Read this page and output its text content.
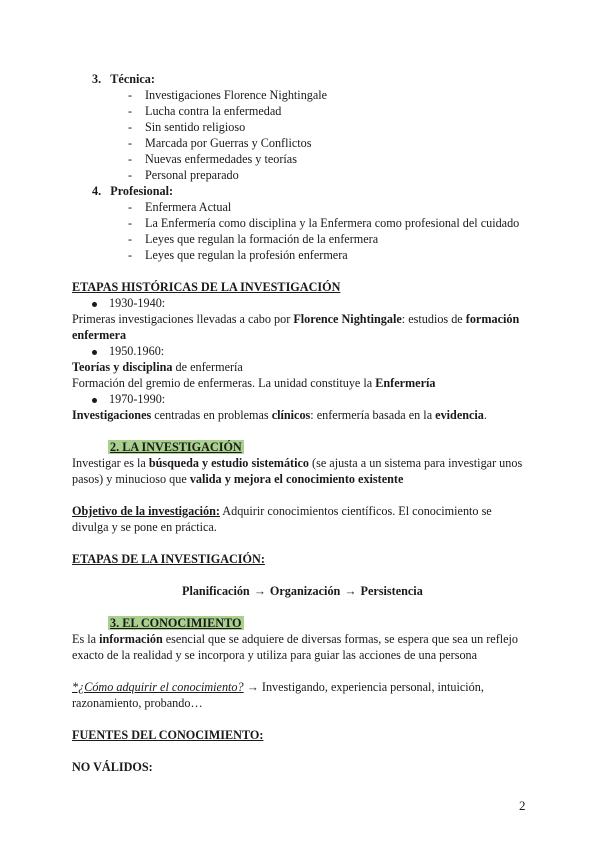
3. Técnica:
- Investigaciones Florence Nightingale
- Lucha contra la enfermedad
- Sin sentido religioso
- Marcada por Guerras y Conflictos
- Nuevas enfermedades y teorías
- Personal preparado
4. Profesional:
- Enfermera Actual
- La Enfermería como disciplina y la Enfermera como profesional del cuidado
- Leyes que regulan la formación de la enfermera
- Leyes que regulan la profesión enfermera
ETAPAS HISTÓRICAS DE LA INVESTIGACIÓN
1930-1940:
Primeras investigaciones llevadas a cabo por Florence Nightingale: estudios de formación
enfermera
1950.1960:
Teorías y disciplina de enfermería
Formación del gremio de enfermeras. La unidad constituye la Enfermería
1970-1990:
Investigaciones centradas en problemas clínicos: enfermería basada en la evidencia.
2. LA INVESTIGACIÓN
Investigar es la búsqueda y estudio sistemático (se ajusta a un sistema para investigar unos
pasos) y minucioso que valida y mejora el conocimiento existente
Objetivo de la investigación: Adquirir conocimientos científicos. El conocimiento se
divulga y se pone en práctica.
ETAPAS DE LA INVESTIGACIÓN:
Planificación → Organización → Persistencia
3. EL CONOCIMIENTO
Es la información esencial que se adquiere de diversas formas, se espera que sea un reflejo
exacto de la realidad y se incorpora y utiliza para guiar las acciones de una persona
*¿Cómo adquirir el conocimiento? → Investigando, experiencia personal, intuición,
razonamiento, probando…
FUENTES DEL CONOCIMIENTO:
NO VÁLIDOS:
2
